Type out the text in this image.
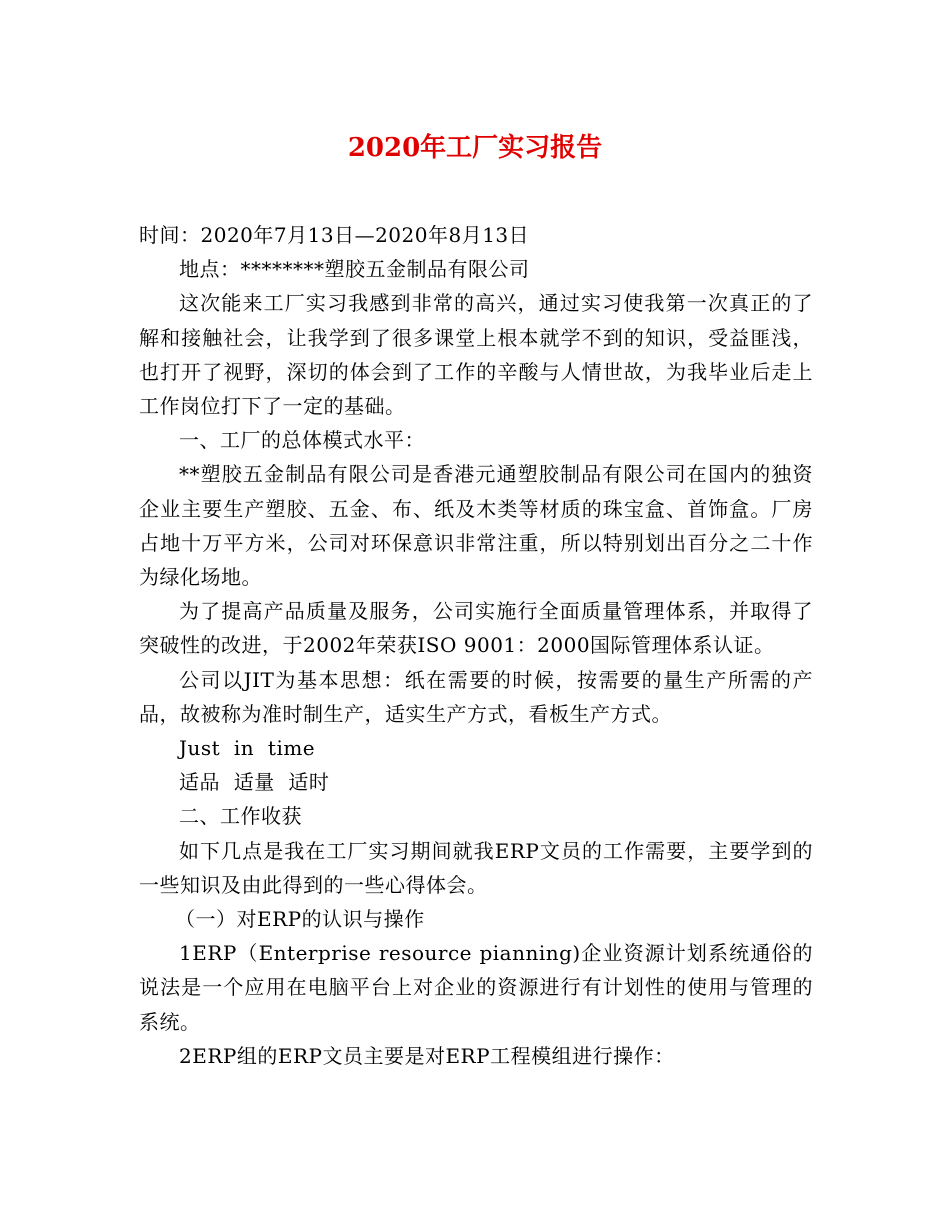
2020年工厂实习报告

时间：2020年7月13日—2020年8月13日

地点：********塑胶五金制品有限公司

这次能来工厂实习我感到非常的高兴，通过实习使我第一次真正的了解和接触社会，让我学到了很多课堂上根本就学不到的知识，受益匪浅，也打开了视野，深切的体会到了工作的辛酸与人情世故，为我毕业后走上工作岗位打下了一定的基础。

一、工厂的总体模式水平：

**塑胶五金制品有限公司是香港元通塑胶制品有限公司在国内的独资企业主要生产塑胶、五金、布、纸及木类等材质的珠宝盒、首饰盒。厂房占地十万平方米，公司对环保意识非常注重，所以特别划出百分之二十作为绿化场地。

为了提高产品质量及服务，公司实施行全面质量管理体系，并取得了突破性的改进，于2002年荣获ISO 9001：2000国际管理体系认证。

公司以JIT为基本思想：纸在需要的时候，按需要的量生产所需的产品，故被称为准时制生产，适实生产方式，看板生产方式。

Just  in  time

适品  适量  适时

二、工作收获

如下几点是我在工厂实习期间就我ERP文员的工作需要，主要学到的一些知识及由此得到的一些心得体会。

（一）对ERP的认识与操作

1ERP（Enterprise resource pianning)企业资源计划系统通俗的说法是一个应用在电脑平台上对企业的资源进行有计划性的使用与管理的系统。

2ERP组的ERP文员主要是对ERP工程模组进行操作：
